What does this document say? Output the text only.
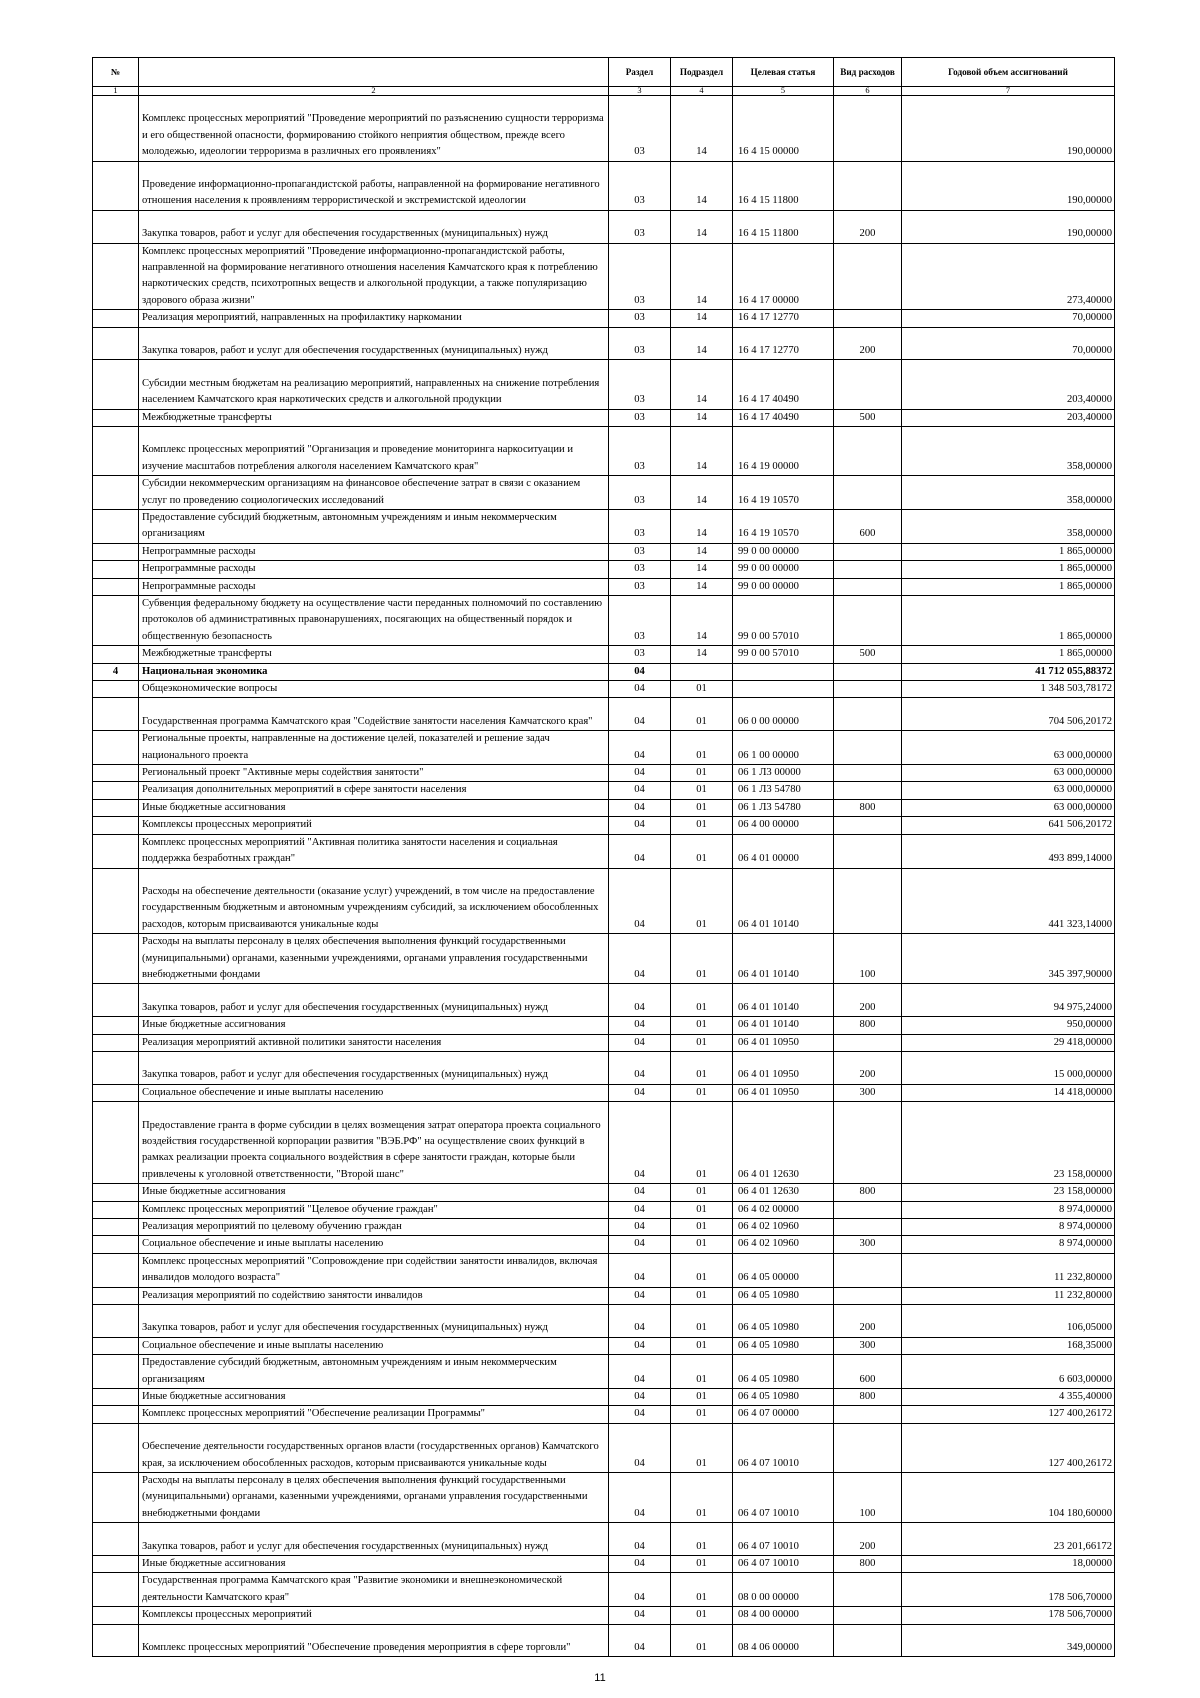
№		Раздел	Подраздел	Целевая статья	Вид расходов	Годовой объем ассигнований
1	2	3	4	5	6	7
	Комплекс процессных мероприятий "Проведение мероприятий по разъяснению сущности терроризма и его общественной опасности, формированию стойкого неприятия обществом, прежде всего молодежью, идеологии терроризма в различных его проявлениях"	03	14	16 4 15 00000		190,00000
	Проведение информационно-пропагандистской работы, направленной на формирование негативного отношения населения к проявлениям террористической и экстремистской идеологии	03	14	16 4 15 11800		190,00000
	Закупка товаров, работ и услуг для обеспечения государственных (муниципальных) нужд	03	14	16 4 15 11800	200	190,00000
	Комплекс процессных мероприятий "Проведение информационно-пропагандистской работы, направленной на формирование негативного отношения населения Камчатского края к потреблению наркотических средств, психотропных веществ и алкогольной продукции, а также популяризацию здорового образа жизни"	03	14	16 4 17 00000		273,40000
	Реализация мероприятий, направленных на профилактику наркомании	03	14	16 4 17 12770		70,00000
	Закупка товаров, работ и услуг для обеспечения государственных (муниципальных) нужд	03	14	16 4 17 12770	200	70,00000
	Субсидии местным бюджетам на реализацию мероприятий, направленных на снижение потребления населением Камчатского края наркотических средств и алкогольной продукции	03	14	16 4 17 40490		203,40000
	Межбюджетные трансферты	03	14	16 4 17 40490	500	203,40000
	Комплекс процессных мероприятий "Организация и проведение мониторинга наркоситуации и изучение масштабов потребления алкоголя населением Камчатского края"	03	14	16 4 19 00000		358,00000
	Субсидии некоммерческим организациям на финансовое обеспечение затрат в связи с оказанием услуг по проведению социологических исследований	03	14	16 4 19 10570		358,00000
	Предоставление субсидий бюджетным, автономным учреждениям и иным некоммерческим организациям	03	14	16 4 19 10570	600	358,00000
	Непрограммные расходы	03	14	99 0 00 00000		1 865,00000
	Непрограммные расходы	03	14	99 0 00 00000		1 865,00000
	Непрограммные расходы	03	14	99 0 00 00000		1 865,00000
	Субвенция федеральному бюджету на осуществление части переданных полномочий по составлению протоколов об административных правонарушениях, посягающих на общественный порядок и общественную безопасность	03	14	99 0 00 57010		1 865,00000
	Межбюджетные трансферты	03	14	99 0 00 57010	500	1 865,00000
4	Национальная экономика	04				41 712 055,88372
	Общеэкономические вопросы	04	01			1 348 503,78172
	Государственная программа Камчатского края "Содействие занятости населения Камчатского края"	04	01	06 0 00 00000		704 506,20172
	Региональные проекты, направленные на достижение целей, показателей и решение задач национального проекта	04	01	06 1 00 00000		63 000,00000
	Региональный проект "Активные меры содействия занятости"	04	01	06 1 Л3 00000		63 000,00000
	Реализация дополнительных мероприятий в сфере занятости населения	04	01	06 1 Л3 54780		63 000,00000
	Иные бюджетные ассигнования	04	01	06 1 Л3 54780	800	63 000,00000
	Комплексы процессных мероприятий	04	01	06 4 00 00000		641 506,20172
	Комплекс процессных мероприятий "Активная политика занятости населения и социальная поддержка безработных граждан"	04	01	06 4 01 00000		493 899,14000
	Расходы на обеспечение деятельности (оказание услуг) учреждений, в том числе на предоставление государственным бюджетным и автономным учреждениям субсидий, за исключением обособленных расходов, которым присваиваются уникальные коды	04	01	06 4 01 10140		441 323,14000
	Расходы на выплаты персоналу в целях обеспечения выполнения функций государственными (муниципальными) органами, казенными учреждениями, органами управления государственными внебюджетными фондами	04	01	06 4 01 10140	100	345 397,90000
	Закупка товаров, работ и услуг для обеспечения государственных (муниципальных) нужд	04	01	06 4 01 10140	200	94 975,24000
	Иные бюджетные ассигнования	04	01	06 4 01 10140	800	950,00000
	Реализация мероприятий активной политики занятости населения	04	01	06 4 01 10950		29 418,00000
	Закупка товаров, работ и услуг для обеспечения государственных (муниципальных) нужд	04	01	06 4 01 10950	200	15 000,00000
	Социальное обеспечение и иные выплаты населению	04	01	06 4 01 10950	300	14 418,00000
	Предоставление гранта в форме субсидии в целях возмещения затрат оператора проекта социального воздействия государственной корпорации развития "ВЭБ.РФ" на осуществление своих функций в рамках реализации проекта социального воздействия в сфере занятости граждан, которые были привлечены к уголовной ответственности, "Второй шанс"	04	01	06 4 01 12630		23 158,00000
	Иные бюджетные ассигнования	04	01	06 4 01 12630	800	23 158,00000
	Комплекс процессных мероприятий "Целевое обучение граждан"	04	01	06 4 02 00000		8 974,00000
	Реализация мероприятий по целевому обучению граждан	04	01	06 4 02 10960		8 974,00000
	Социальное обеспечение и иные выплаты населению	04	01	06 4 02 10960	300	8 974,00000
	Комплекс процессных мероприятий "Сопровождение при содействии занятости инвалидов, включая инвалидов молодого возраста"	04	01	06 4 05 00000		11 232,80000
	Реализация мероприятий по содействию занятости инвалидов	04	01	06 4 05 10980		11 232,80000
	Закупка товаров, работ и услуг для обеспечения государственных (муниципальных) нужд	04	01	06 4 05 10980	200	106,05000
	Социальное обеспечение и иные выплаты населению	04	01	06 4 05 10980	300	168,35000
	Предоставление субсидий бюджетным, автономным учреждениям и иным некоммерческим организациям	04	01	06 4 05 10980	600	6 603,00000
	Иные бюджетные ассигнования	04	01	06 4 05 10980	800	4 355,40000
	Комплекс процессных мероприятий "Обеспечение реализации Программы"	04	01	06 4 07 00000		127 400,26172
	Обеспечение деятельности государственных органов власти (государственных органов) Камчатского края, за исключением обособленных расходов, которым присваиваются уникальные коды	04	01	06 4 07 10010		127 400,26172
	Расходы на выплаты персоналу в целях обеспечения выполнения функций государственными (муниципальными) органами, казенными учреждениями, органами управления государственными внебюджетными фондами	04	01	06 4 07 10010	100	104 180,60000
	Закупка товаров, работ и услуг для обеспечения государственных (муниципальных) нужд	04	01	06 4 07 10010	200	23 201,66172
	Иные бюджетные ассигнования	04	01	06 4 07 10010	800	18,00000
	Государственная программа Камчатского края "Развитие экономики и внешнеэкономической деятельности Камчатского края"	04	01	08 0 00 00000		178 506,70000
	Комплексы процессных мероприятий	04	01	08 4 00 00000		178 506,70000
	Комплекс процессных мероприятий "Обеспечение проведения мероприятия в сфере торговли"	04	01	08 4 06 00000		349,00000
11
